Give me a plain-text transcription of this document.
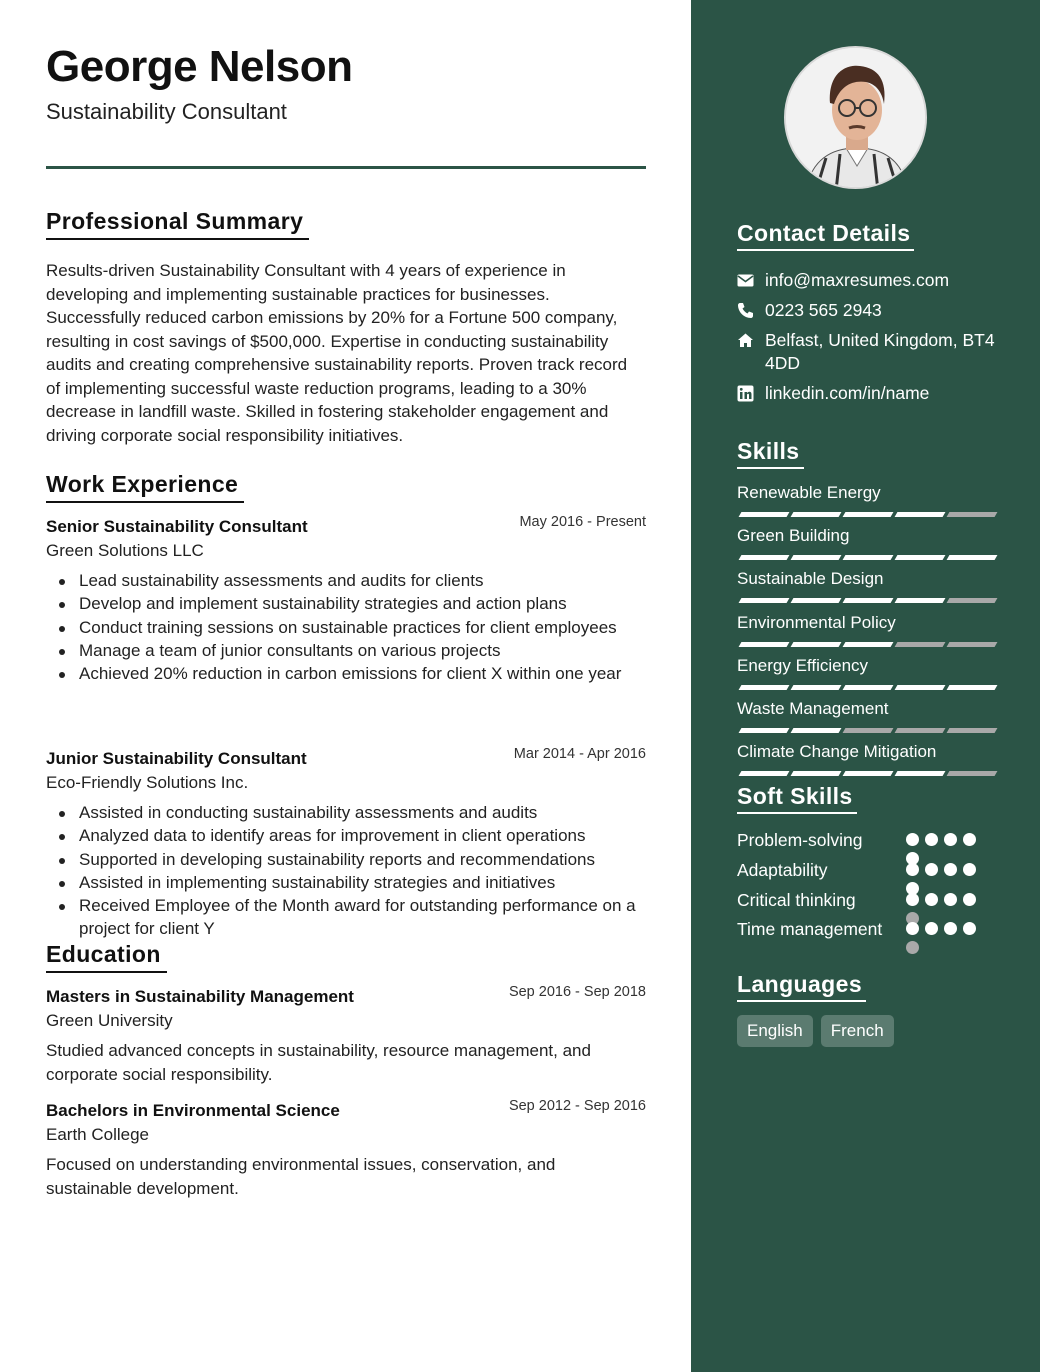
George Nelson
Sustainability Consultant
Professional Summary
Results-driven Sustainability Consultant with 4 years of experience in developing and implementing sustainable practices for businesses. Successfully reduced carbon emissions by 20% for a Fortune 500 company, resulting in cost savings of $500,000. Expertise in conducting sustainability audits and creating comprehensive sustainability reports. Proven track record of implementing successful waste reduction programs, leading to a 30% decrease in landfill waste. Skilled in fostering stakeholder engagement and driving corporate social responsibility initiatives.
Work Experience
Senior Sustainability Consultant	May 2016 - Present
Green Solutions LLC
Lead sustainability assessments and audits for clients
Develop and implement sustainability strategies and action plans
Conduct training sessions on sustainable practices for client employees
Manage a team of junior consultants on various projects
Achieved 20% reduction in carbon emissions for client X within one year
Junior Sustainability Consultant	Mar 2014 - Apr 2016
Eco-Friendly Solutions Inc.
Assisted in conducting sustainability assessments and audits
Analyzed data to identify areas for improvement in client operations
Supported in developing sustainability reports and recommendations
Assisted in implementing sustainability strategies and initiatives
Received Employee of the Month award for outstanding performance on a project for client Y
Education
Masters in Sustainability Management	Sep 2016 - Sep 2018
Green University
Studied advanced concepts in sustainability, resource management, and corporate social responsibility.
Bachelors in Environmental Science	Sep 2012 - Sep 2016
Earth College
Focused on understanding environmental issues, conservation, and sustainable development.
Contact Details
info@maxresumes.com
0223 565 2943
Belfast, United Kingdom, BT4 4DD
linkedin.com/in/name
Skills
Renewable Energy
Green Building
Sustainable Design
Environmental Policy
Energy Efficiency
Waste Management
Climate Change Mitigation
Soft Skills
Problem-solving
Adaptability
Critical thinking
Time management
Languages
English	French
